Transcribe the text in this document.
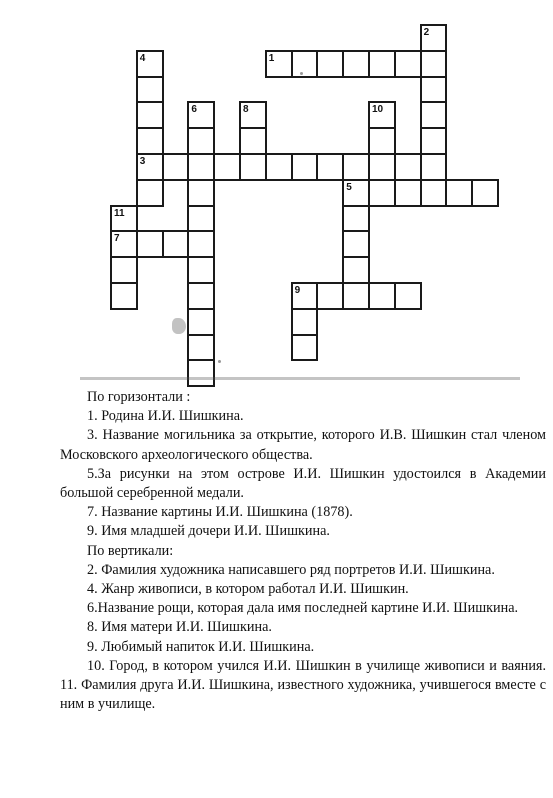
2
1
4
3
6	8	10
5
11
7
9

По горизонтали :

1. Родина И.И. Шишкина.

3. Название могильника за открытие, которого И.В. Шишкин стал членом Московского археологического общества.

5.За рисунки на этом острове И.И. Шишкин удостоился в Академии большой серебренной медали.

7. Название картины И.И. Шишкина (1878).

9. Имя младшей дочери И.И. Шишкина.

По вертикали:

2. Фамилия художника написавшего ряд портретов И.И. Шишкина.

4. Жанр живописи, в котором работал И.И. Шишкин.

6.Название рощи, которая дала имя последней картине И.И. Шишкина.

8. Имя матери И.И. Шишкина.

9. Любимый напиток И.И. Шишкина.

10. Город, в котором учился И.И. Шишкин в училище живописи и ваяния. 11. Фамилия друга И.И. Шишкина, известного художника, учившегося вместе с ним в училище.
